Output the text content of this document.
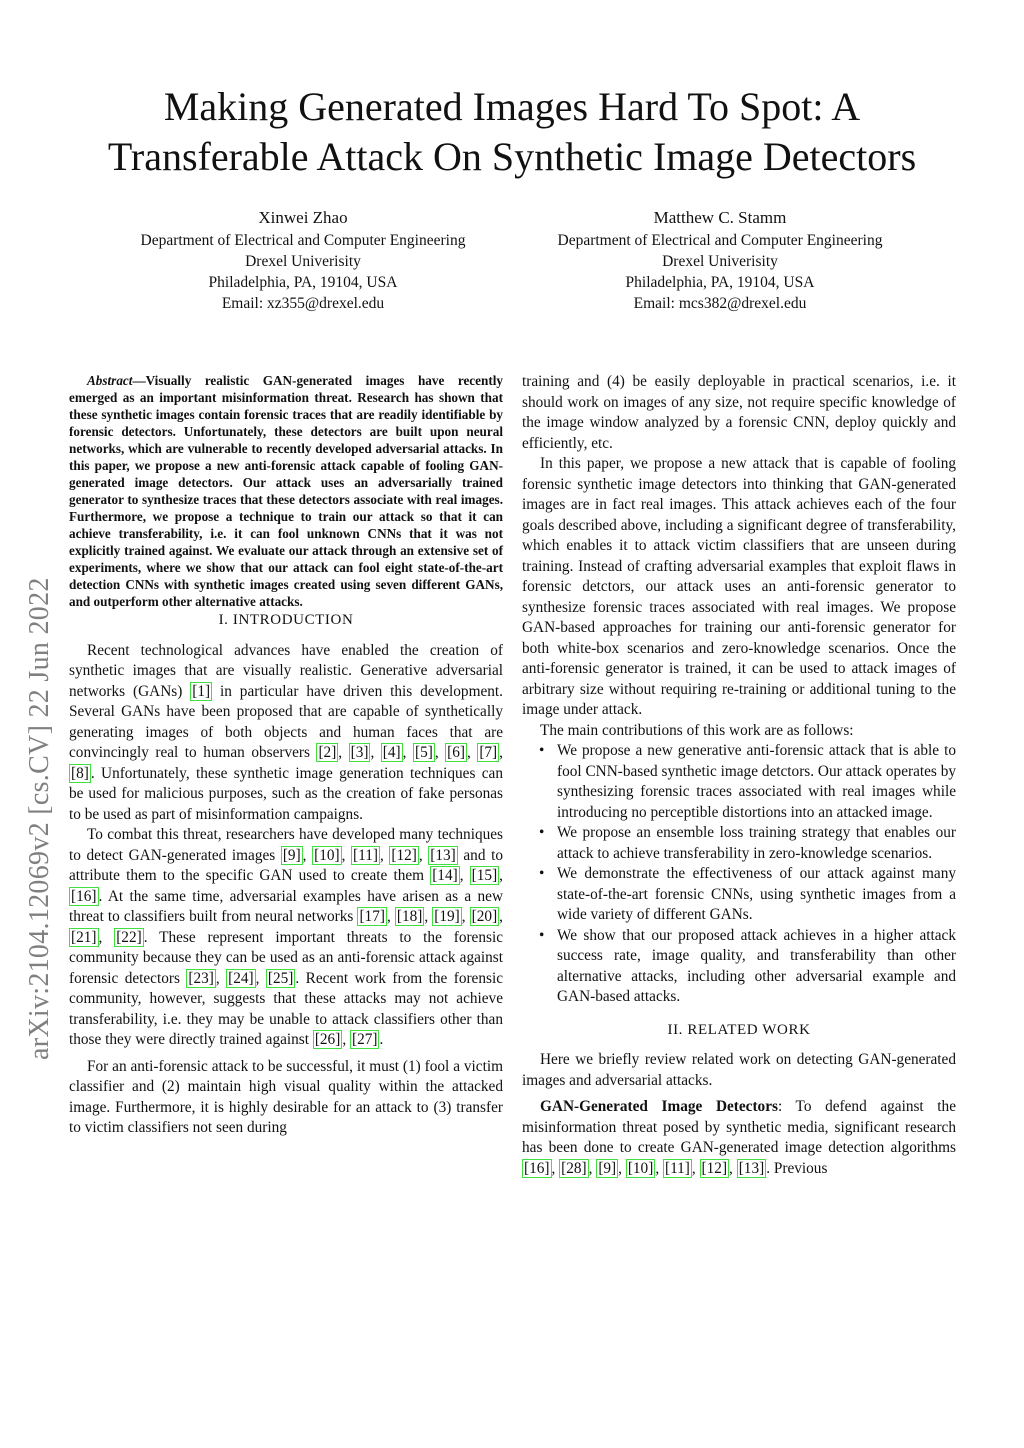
Making Generated Images Hard To Spot: A
Transferable Attack On Synthetic Image Detectors
Xinwei Zhao
Department of Electrical and Computer Engineering
Drexel Univerisity
Philadelphia, PA, 19104, USA
Email: xz355@drexel.edu
Matthew C. Stamm
Department of Electrical and Computer Engineering
Drexel Univerisity
Philadelphia, PA, 19104, USA
Email: mcs382@drexel.edu
arXiv:2104.12069v2 [cs.CV] 22 Jun 2022

Abstract—Visually realistic GAN-generated images have recently emerged as an important misinformation threat. Research has shown that these synthetic images contain forensic traces that are readily identifiable by forensic detectors. Unfortunately, these detectors are built upon neural networks, which are vulnerable to recently developed adversarial attacks. In this paper, we propose a new anti-forensic attack capable of fooling GAN-generated image detectors. Our attack uses an adversarially trained generator to synthesize traces that these detectors associate with real images. Furthermore, we propose a technique to train our attack so that it can achieve transferability, i.e. it can fool unknown CNNs that it was not explicitly trained against. We evaluate our attack through an extensive set of experiments, where we show that our attack can fool eight state-of-the-art detection CNNs with synthetic images created using seven different GANs, and outperform other alternative attacks.

I. INTRODUCTION

Recent technological advances have enabled the creation of synthetic images that are visually realistic. Generative adversarial networks (GANs) [1] in particular have driven this development. Several GANs have been proposed that are capable of synthetically generating images of both objects and human faces that are convincingly real to human observers [2] , [3] , [4] , [5] , [6] , [7] , [8] . Unfortunately, these synthetic image generation techniques can be used for malicious purposes, such as the creation of fake personas to be used as part of misinformation campaigns.

To combat this threat, researchers have developed many techniques to detect GAN-generated images [9] , [10] , [11] , [12] , [13] and to attribute them to the specific GAN used to create them [14] , [15] , [16] . At the same time, adversarial examples have arisen as a new threat to classifiers built from neural networks [17] , [18] , [19] , [20] , [21] , [22] . These represent important threats to the forensic community because they can be used as an anti-forensic attack against forensic detectors [23] , [24] , [25] . Recent work from the forensic community, however, suggests that these attacks may not achieve transferability, i.e. they may be unable to attack classifiers other than those they were directly trained against [26] , [27] .

For an anti-forensic attack to be successful, it must (1) fool a victim classifier and (2) maintain high visual quality within the attacked image. Furthermore, it is highly desirable for an attack to (3) transfer to victim classifiers not seen during

training and (4) be easily deployable in practical scenarios, i.e. it should work on images of any size, not require specific knowledge of the image window analyzed by a forensic CNN, deploy quickly and efficiently, etc.

In this paper, we propose a new attack that is capable of fooling forensic synthetic image detectors into thinking that GAN-generated images are in fact real images. This attack achieves each of the four goals described above, including a significant degree of transferability, which enables it to attack victim classifiers that are unseen during training. Instead of crafting adversarial examples that exploit flaws in forensic detctors, our attack uses an anti-forensic generator to synthesize forensic traces associated with real images. We propose GAN-based approaches for training our anti-forensic generator for both white-box scenarios and zero-knowledge scenarios. Once the anti-forensic generator is trained, it can be used to attack images of arbitrary size without requiring re-training or additional tuning to the image under attack.

The main contributions of this work are as follows:

• We propose a new generative anti-forensic attack that is able to fool CNN-based synthetic image detctors. Our attack operates by synthesizing forensic traces associated with real images while introducing no perceptible distortions into an attacked image.
• We propose an ensemble loss training strategy that enables our attack to achieve transferability in zero-knowledge scenarios.
• We demonstrate the effectiveness of our attack against many state-of-the-art forensic CNNs, using synthetic images from a wide variety of different GANs.
• We show that our proposed attack achieves in a higher attack success rate, image quality, and transferability than other alternative attacks, including other adversarial example and GAN-based attacks.
II. RELATED WORK

Here we briefly review related work on detecting GAN-generated images and adversarial attacks.

GAN-Generated Image Detectors: To defend against the misinformation threat posed by synthetic media, significant research has been done to create GAN-generated image detection algorithms [16] , [28] , [9] , [10] , [11] , [12] , [13] . Previous
